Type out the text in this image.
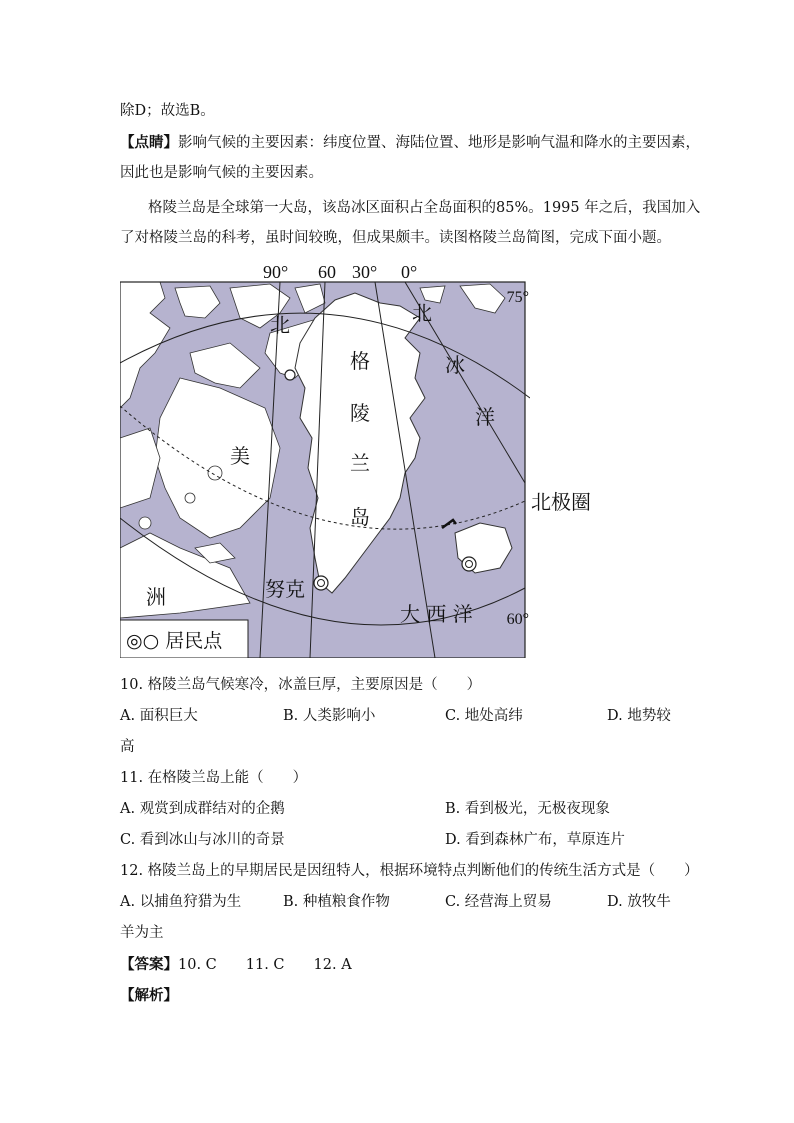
除D；故选B。
【点睛】影响气候的主要因素：纬度位置、海陆位置、地形是影响气温和降水的主要因素，
因此也是影响气候的主要因素。
格陵兰岛是全球第一大岛，该岛冰区面积占全岛面积的85%。1995 年之后，我国加入
了对格陵兰岛的科考，虽时间较晚，但成果颇丰。读图格陵兰岛简图，完成下面小题。
◎○ 居民点
90° 60 30° 0°
75°
60°
格
陵
兰
岛
北
美
洲
北
冰
洋
大 西 洋
努克
北极圈
10. 格陵兰岛气候寒冷，冰盖巨厚，主要原因是（　　）
A. 面积巨大	B. 人类影响小	C. 地处高纬	D. 地势较
高
11. 在格陵兰岛上能（　　）
A. 观赏到成群结对的企鹅	B. 看到极光，无极夜现象
C. 看到冰山与冰川的奇景	D. 看到森林广布，草原连片
12. 格陵兰岛上的早期居民是因纽特人，根据环境特点判断他们的传统生活方式是（　　）
A. 以捕鱼狩猎为生	B. 种植粮食作物	C. 经营海上贸易	D. 放牧牛
羊为主
【答案】10. C　　11. C　　12. A
【解析】
